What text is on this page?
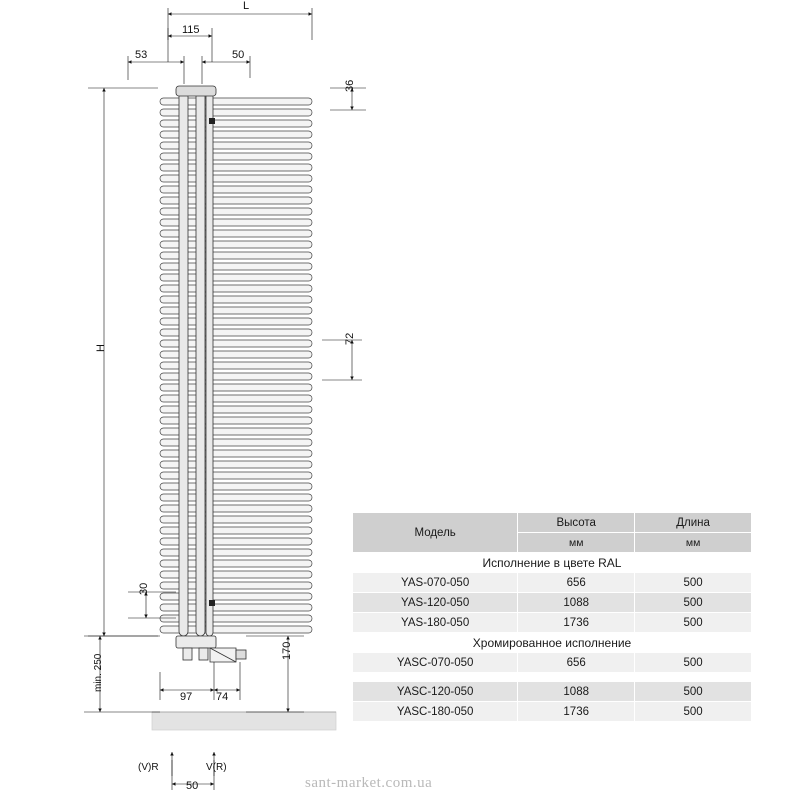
L
115
53	50
36
72
H
30
min. 250
170
97 74
50
(V)R	V(R)
Модель	Высота	Длина
	мм	мм
Исполнение в цвете RAL		
YAS-070-050	656	500
YAS-120-050	1088	500
YAS-180-050	1736	500
Хромированное исполнение		
YASC-070-050	656	500

YASC-120-050	1088	500
YASC-180-050	1736	500
sant-market.com.ua
